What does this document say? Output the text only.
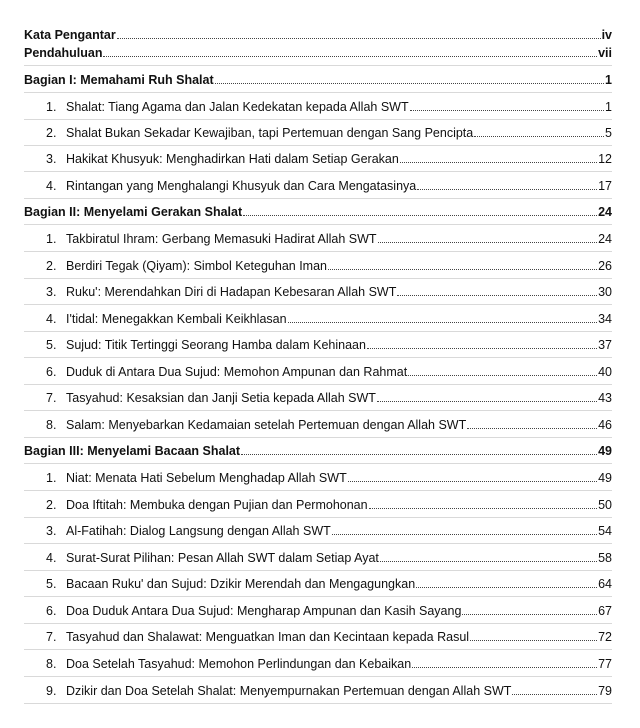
Kata Pengantar	iv
Pendahuluan	vii
Bagian I: Memahami Ruh Shalat	1
1. Shalat: Tiang Agama dan Jalan Kedekatan kepada Allah SWT	1
2. Shalat Bukan Sekadar Kewajiban, tapi Pertemuan dengan Sang Pencipta	5
3. Hakikat Khusyuk: Menghadirkan Hati dalam Setiap Gerakan	12
4. Rintangan yang Menghalangi Khusyuk dan Cara Mengatasinya	17
Bagian II: Menyelami Gerakan Shalat	24
1. Takbiratul Ihram: Gerbang Memasuki Hadirat Allah SWT	24
2. Berdiri Tegak (Qiyam): Simbol Keteguhan Iman	26
3. Ruku': Merendahkan Diri di Hadapan Kebesaran Allah SWT	30
4. I'tidal: Menegakkan Kembali Keikhlasan	34
5. Sujud: Titik Tertinggi Seorang Hamba dalam Kehinaan	37
6. Duduk di Antara Dua Sujud: Memohon Ampunan dan Rahmat	40
7. Tasyahud: Kesaksian dan Janji Setia kepada Allah SWT	43
8. Salam: Menyebarkan Kedamaian setelah Pertemuan dengan Allah SWT	46
Bagian III: Menyelami Bacaan Shalat	49
1. Niat: Menata Hati Sebelum Menghadap Allah SWT	49
2. Doa Iftitah: Membuka dengan Pujian dan Permohonan	50
3. Al-Fatihah: Dialog Langsung dengan Allah SWT	54
4. Surat-Surat Pilihan: Pesan Allah SWT dalam Setiap Ayat	58
5. Bacaan Ruku' dan Sujud: Dzikir Merendah dan Mengagungkan	64
6. Doa Duduk Antara Dua Sujud: Mengharap Ampunan dan Kasih Sayang	67
7. Tasyahud dan Shalawat: Menguatkan Iman dan Kecintaan kepada Rasul	72
8. Doa Setelah Tasyahud: Memohon Perlindungan dan Kebaikan	77
9. Dzikir dan Doa Setelah Shalat: Menyempurnakan Pertemuan dengan Allah SWT	79
